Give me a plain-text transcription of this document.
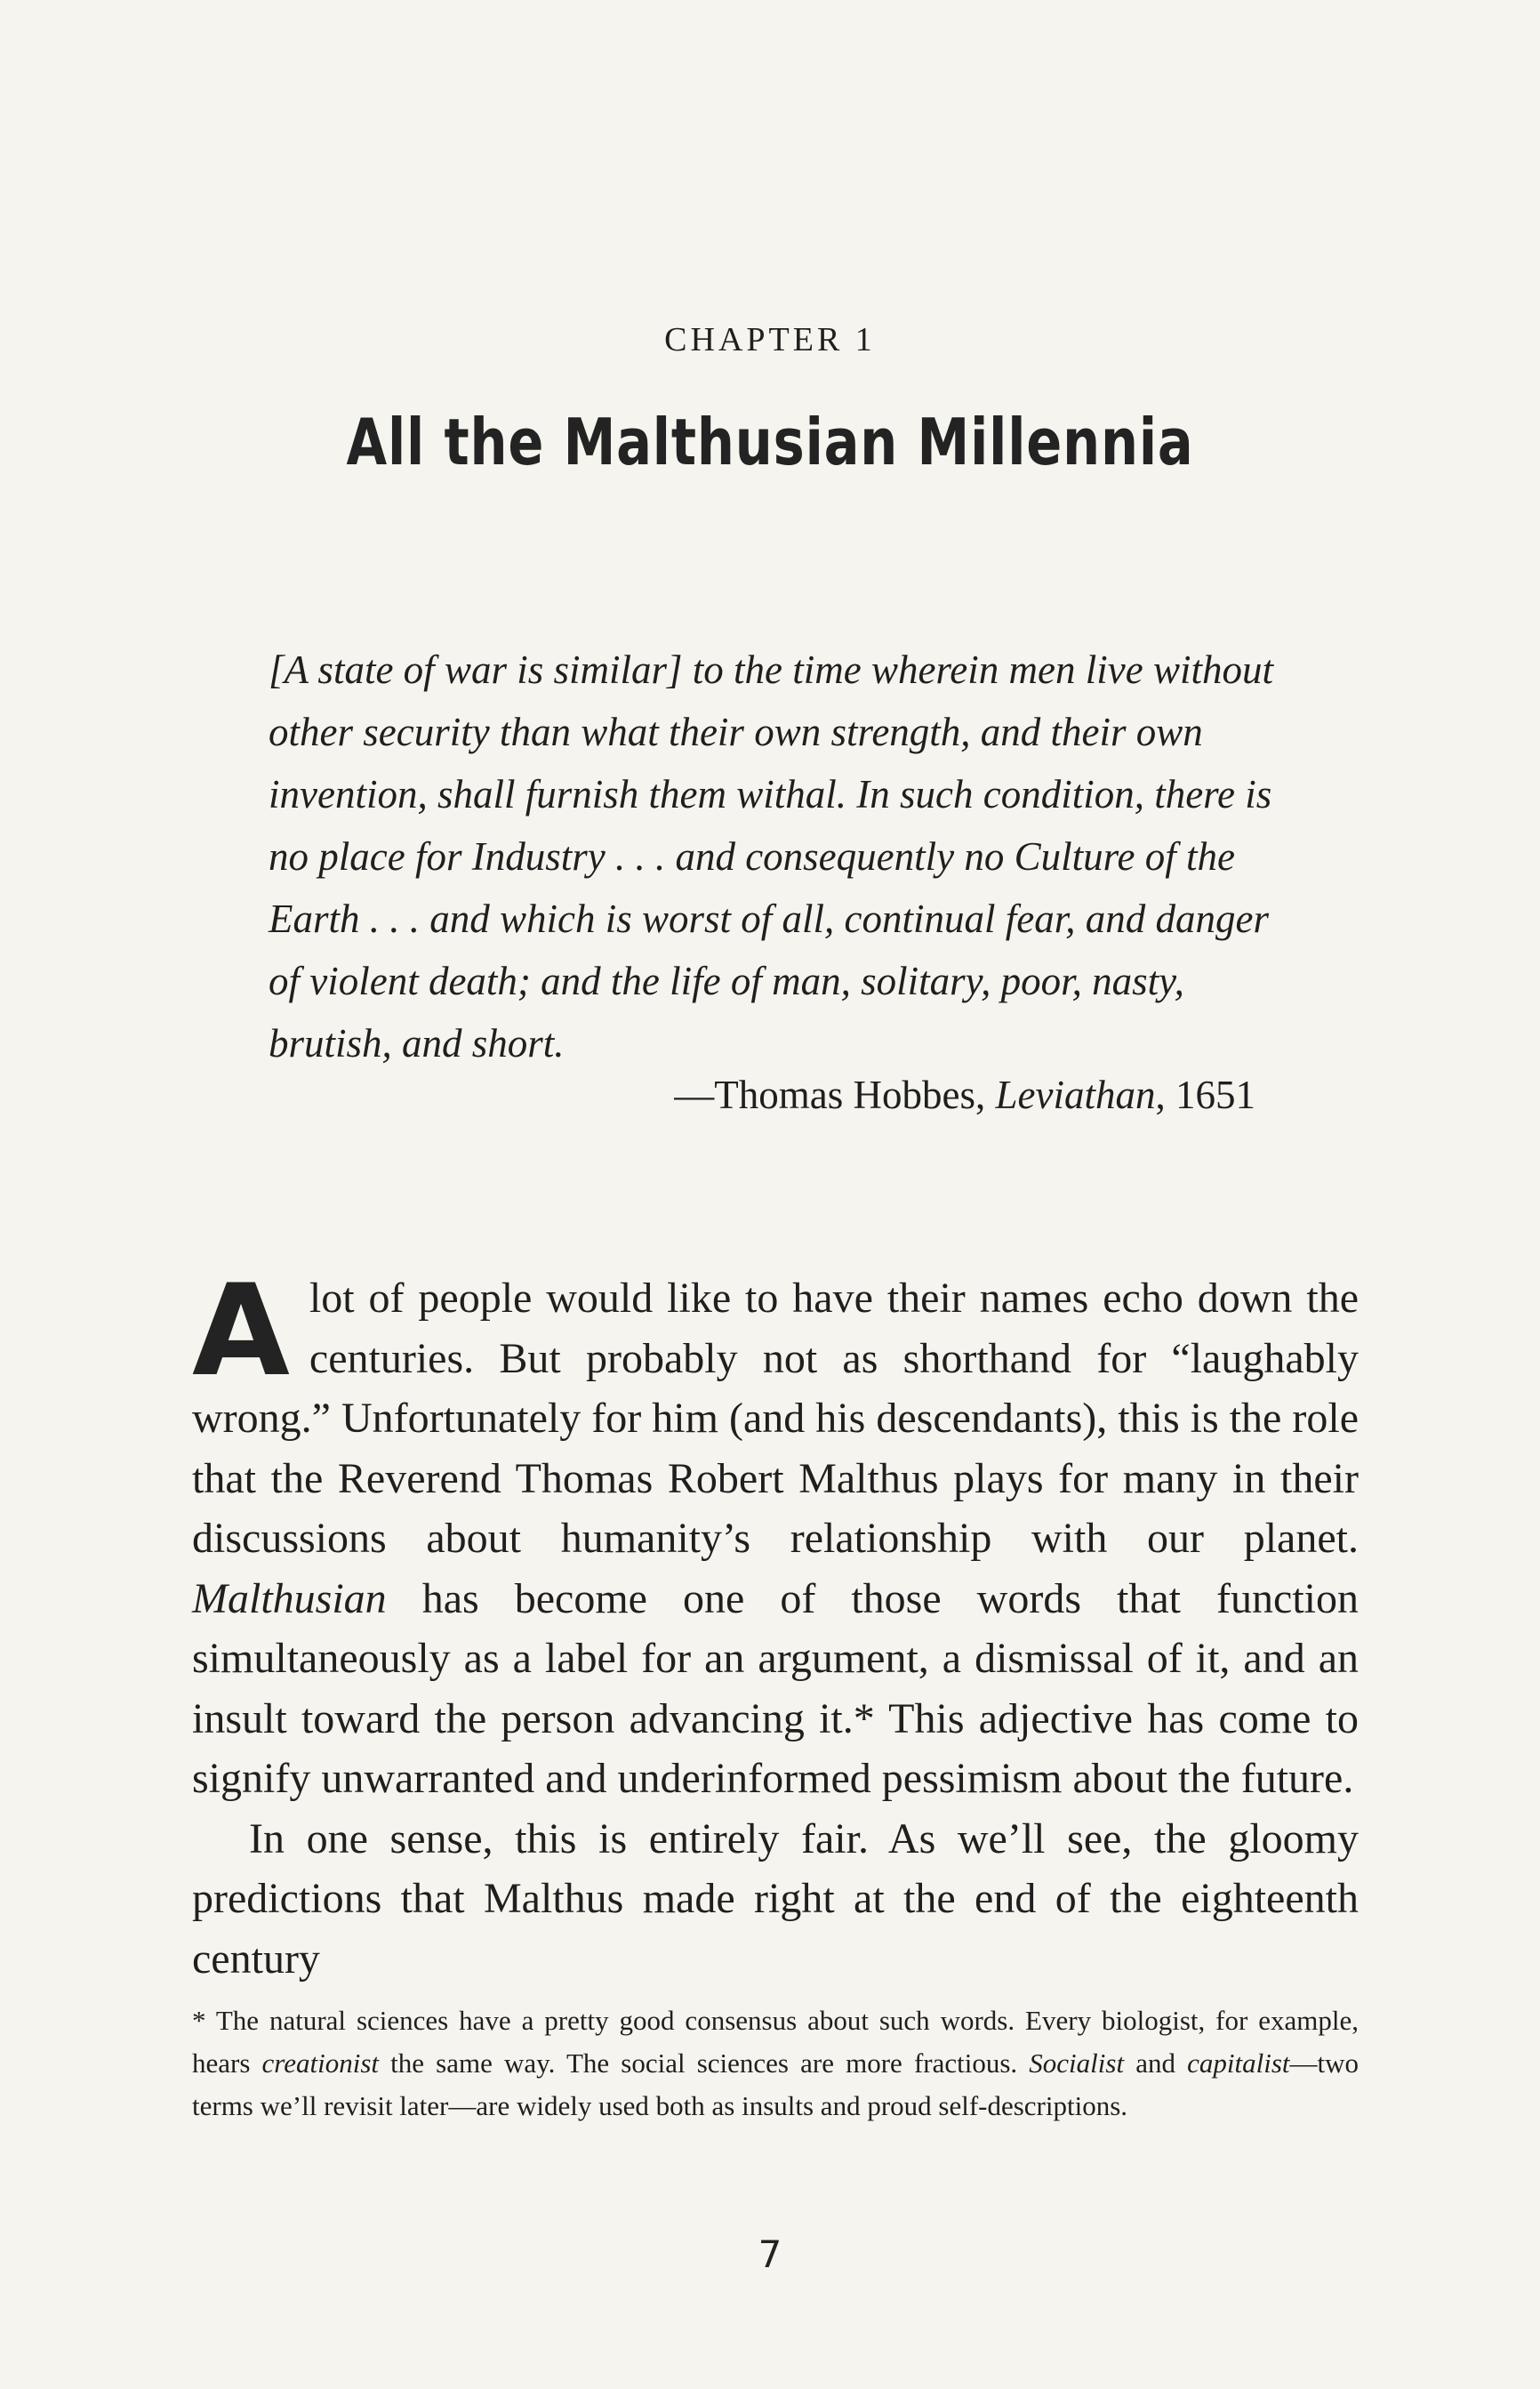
CHAPTER 1
All the Malthusian Millennia

[A state of war is similar] to the time wherein men live without other security than what their own strength, and their own invention, shall furnish them withal. In such condition, there is no place for Industry . . . and consequently no Culture of the Earth . . . and which is worst of all, continual fear, and danger of violent death; and the life of man, solitary, poor, nasty, brutish, and short.

—Thomas Hobbes, Leviathan, 1651

A lot of people would like to have their names echo down the centuries. But probably not as shorthand for “laughably wrong.” Unfortunately for him (and his descendants), this is the role that the Reverend Thomas Robert Malthus plays for many in their discussions about humanity’s relationship with our planet. Malthusian has become one of those words that function simultaneously as a label for an argument, a dismissal of it, and an insult toward the person advancing it.* This adjective has come to signify unwarranted and underinformed pessimism about the future.

In one sense, this is entirely fair. As we’ll see, the gloomy predictions that Malthus made right at the end of the eighteenth century

* The natural sciences have a pretty good consensus about such words. Every biologist, for example, hears creationist the same way. The social sciences are more fractious. Socialist and capitalist—two terms we’ll revisit later—are widely used both as insults and proud self-descriptions.

7
